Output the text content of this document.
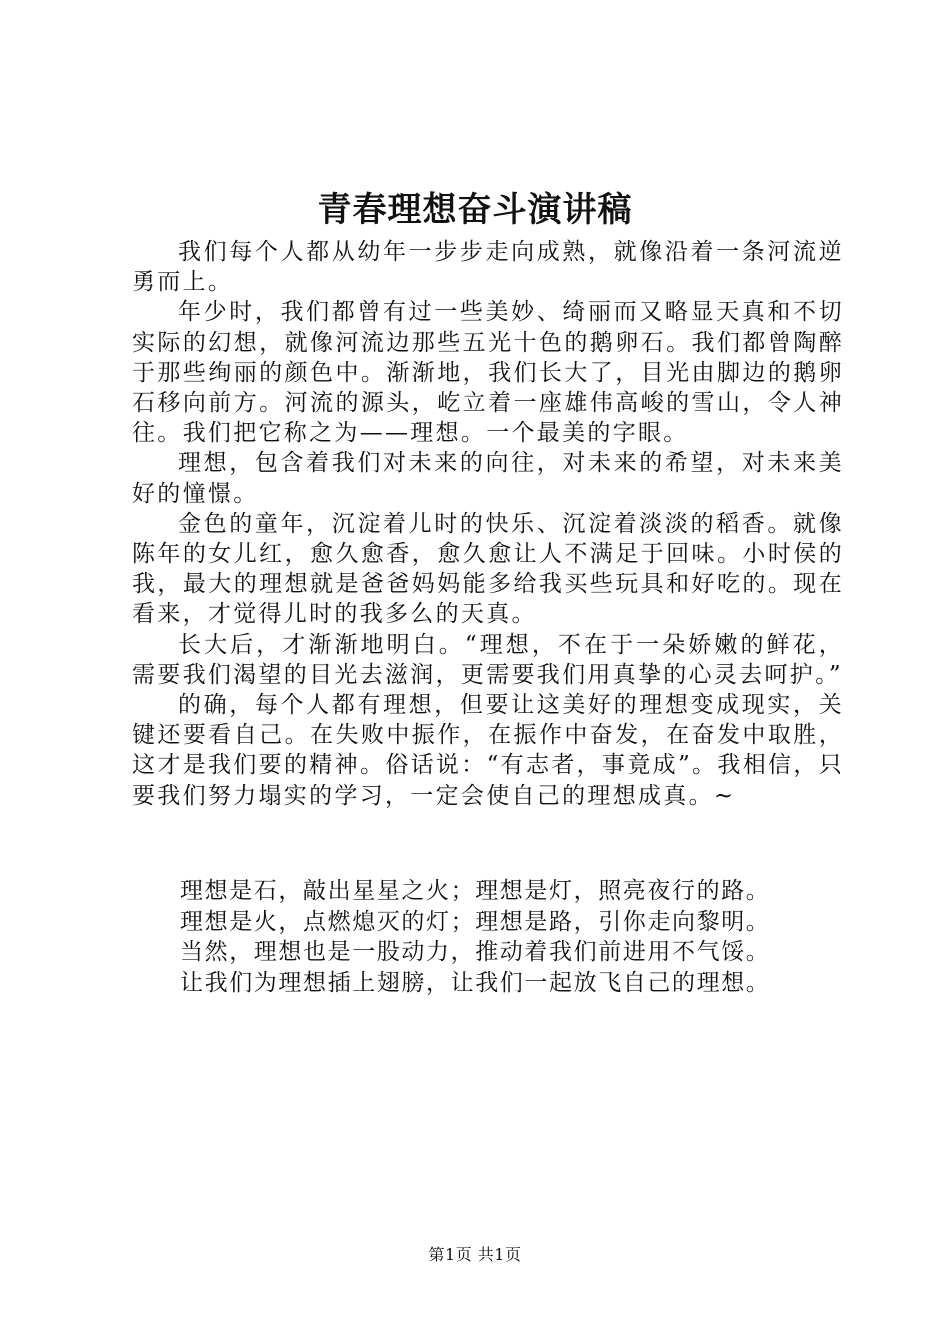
青春理想奋斗演讲稿

我们每个人都从幼年一步步走向成熟，就像沿着一条河流逆勇而上。

年少时，我们都曾有过一些美妙、绮丽而又略显天真和不切实际的幻想，就像河流边那些五光十色的鹅卵石。我们都曾陶醉于那些绚丽的颜色中。渐渐地，我们长大了，目光由脚边的鹅卵石移向前方。河流的源头，屹立着一座雄伟高峻的雪山，令人神往。我们把它称之为——理想。一个最美的字眼。

理想，包含着我们对未来的向往，对未来的希望，对未来美好的憧憬。

金色的童年，沉淀着儿时的快乐、沉淀着淡淡的稻香。就像陈年的女儿红，愈久愈香，愈久愈让人不满足于回味。小时侯的我，最大的理想就是爸爸妈妈能多给我买些玩具和好吃的。现在看来，才觉得儿时的我多么的天真。

长大后，才渐渐地明白。“理想，不在于一朵娇嫩的鲜花，需要我们渴望的目光去滋润，更需要我们用真挚的心灵去呵护。”

的确，每个人都有理想，但要让这美好的理想变成现实，关键还要看自己。在失败中振作，在振作中奋发，在奋发中取胜，这才是我们要的精神。俗话说：“有志者，事竟成”。我相信，只要我们努力塌实的学习，一定会使自己的理想成真。~

理想是石，敲出星星之火；理想是灯，照亮夜行的路。
理想是火，点燃熄灭的灯；理想是路，引你走向黎明。
当然，理想也是一股动力，推动着我们前进用不气馁。
让我们为理想插上翅膀，让我们一起放飞自己的理想。
第1页 共1页
